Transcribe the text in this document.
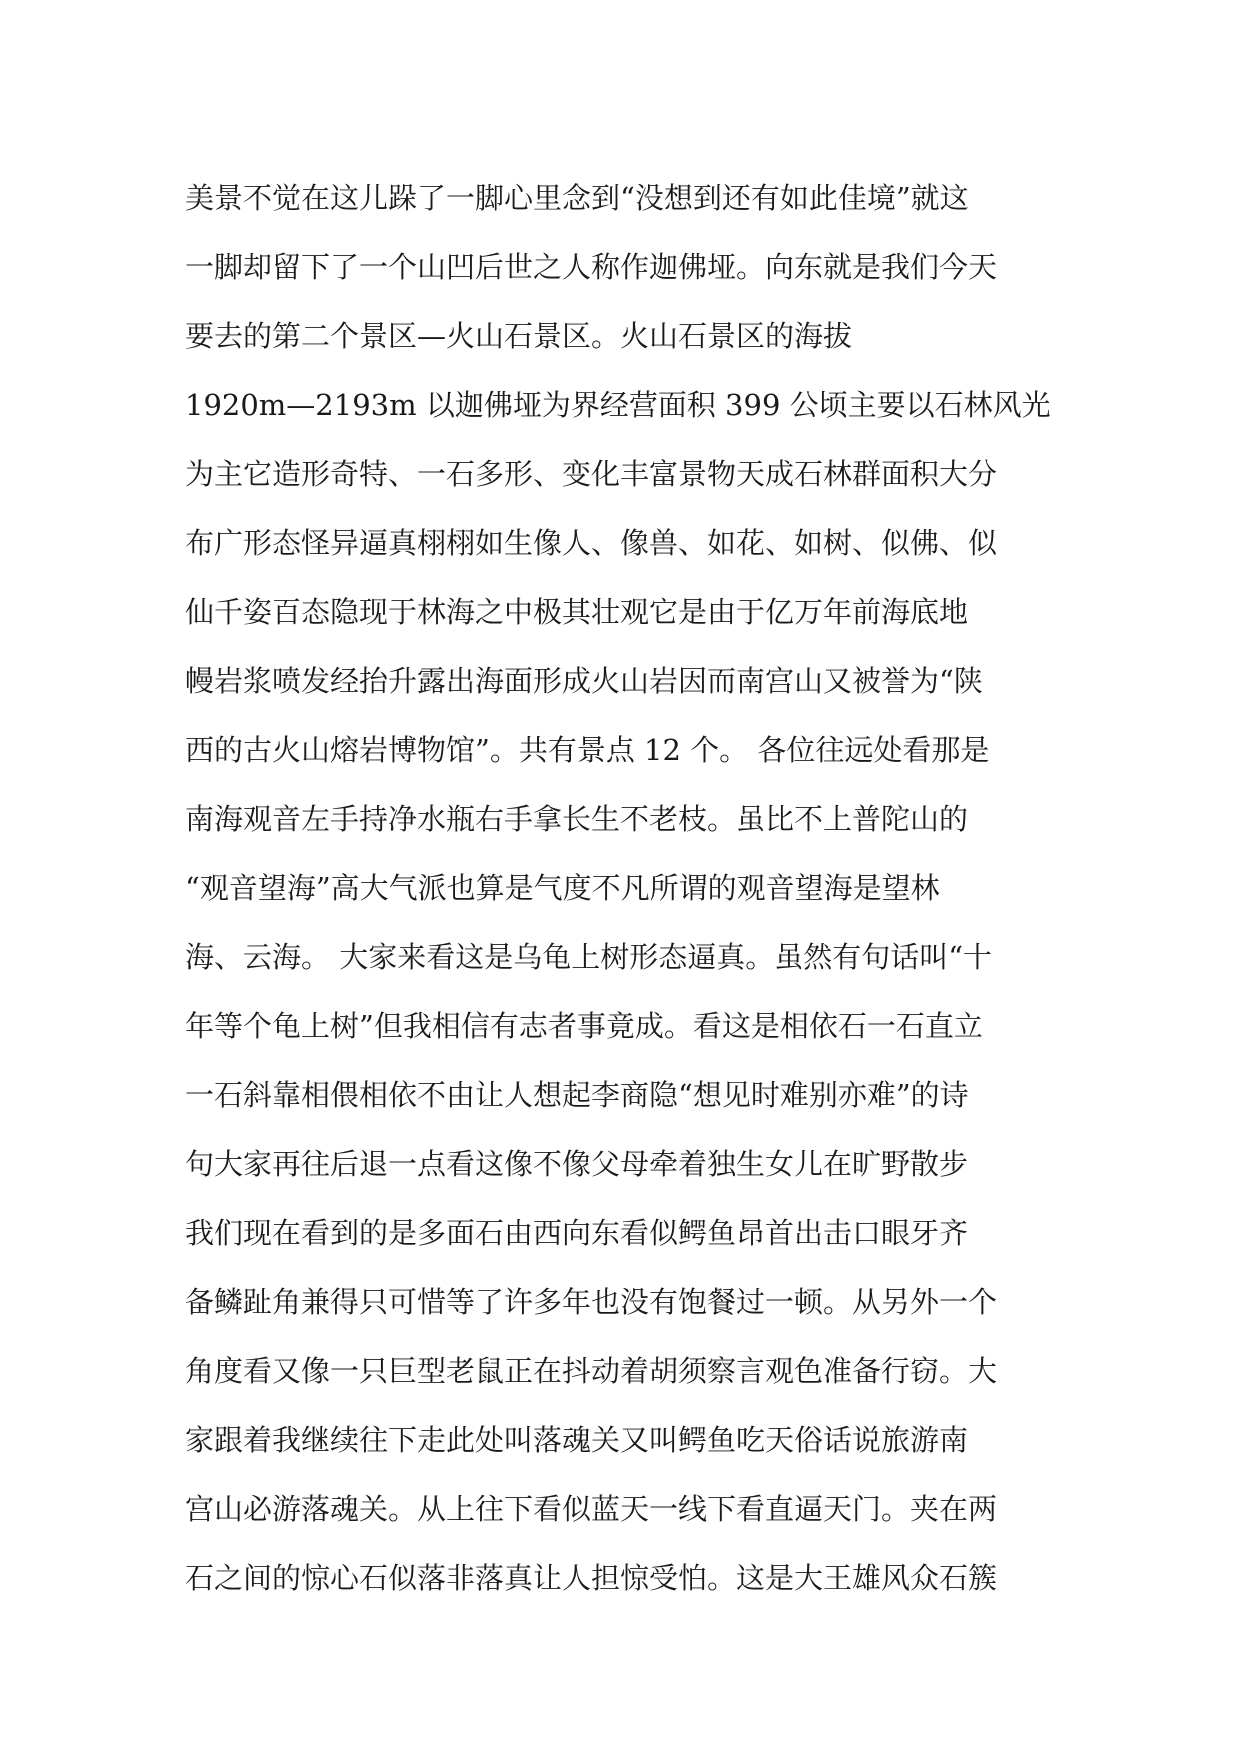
美景不觉在这儿跺了一脚心里念到“没想到还有如此佳境”就这
一脚却留下了一个山凹后世之人称作迦佛垭。向东就是我们今天
要去的第二个景区—火山石景区。火山石景区的海拔
1920m—2193m 以迦佛垭为界经营面积 399 公顷主要以石林风光
为主它造形奇特、一石多形、变化丰富景物天成石林群面积大分
布广形态怪异逼真栩栩如生像人、像兽、如花、如树、似佛、似
仙千姿百态隐现于林海之中极其壮观它是由于亿万年前海底地
幔岩浆喷发经抬升露出海面形成火山岩因而南宫山又被誉为“陕
西的古火山熔岩博物馆”。共有景点 12 个。 各位往远处看那是
南海观音左手持净水瓶右手拿长生不老枝。虽比不上普陀山的
“观音望海”高大气派也算是气度不凡所谓的观音望海是望林
海、云海。 大家来看这是乌龟上树形态逼真。虽然有句话叫“十
年等个龟上树”但我相信有志者事竟成。看这是相依石一石直立
一石斜靠相偎相依不由让人想起李商隐“想见时难别亦难”的诗
句大家再往后退一点看这像不像父母牵着独生女儿在旷野散步
我们现在看到的是多面石由西向东看似鳄鱼昂首出击口眼牙齐
备鳞趾角兼得只可惜等了许多年也没有饱餐过一顿。从另外一个
角度看又像一只巨型老鼠正在抖动着胡须察言观色准备行窃。大
家跟着我继续往下走此处叫落魂关又叫鳄鱼吃天俗话说旅游南
宫山必游落魂关。从上往下看似蓝天一线下看直逼天门。夹在两
石之间的惊心石似落非落真让人担惊受怕。这是大王雄风众石簇
